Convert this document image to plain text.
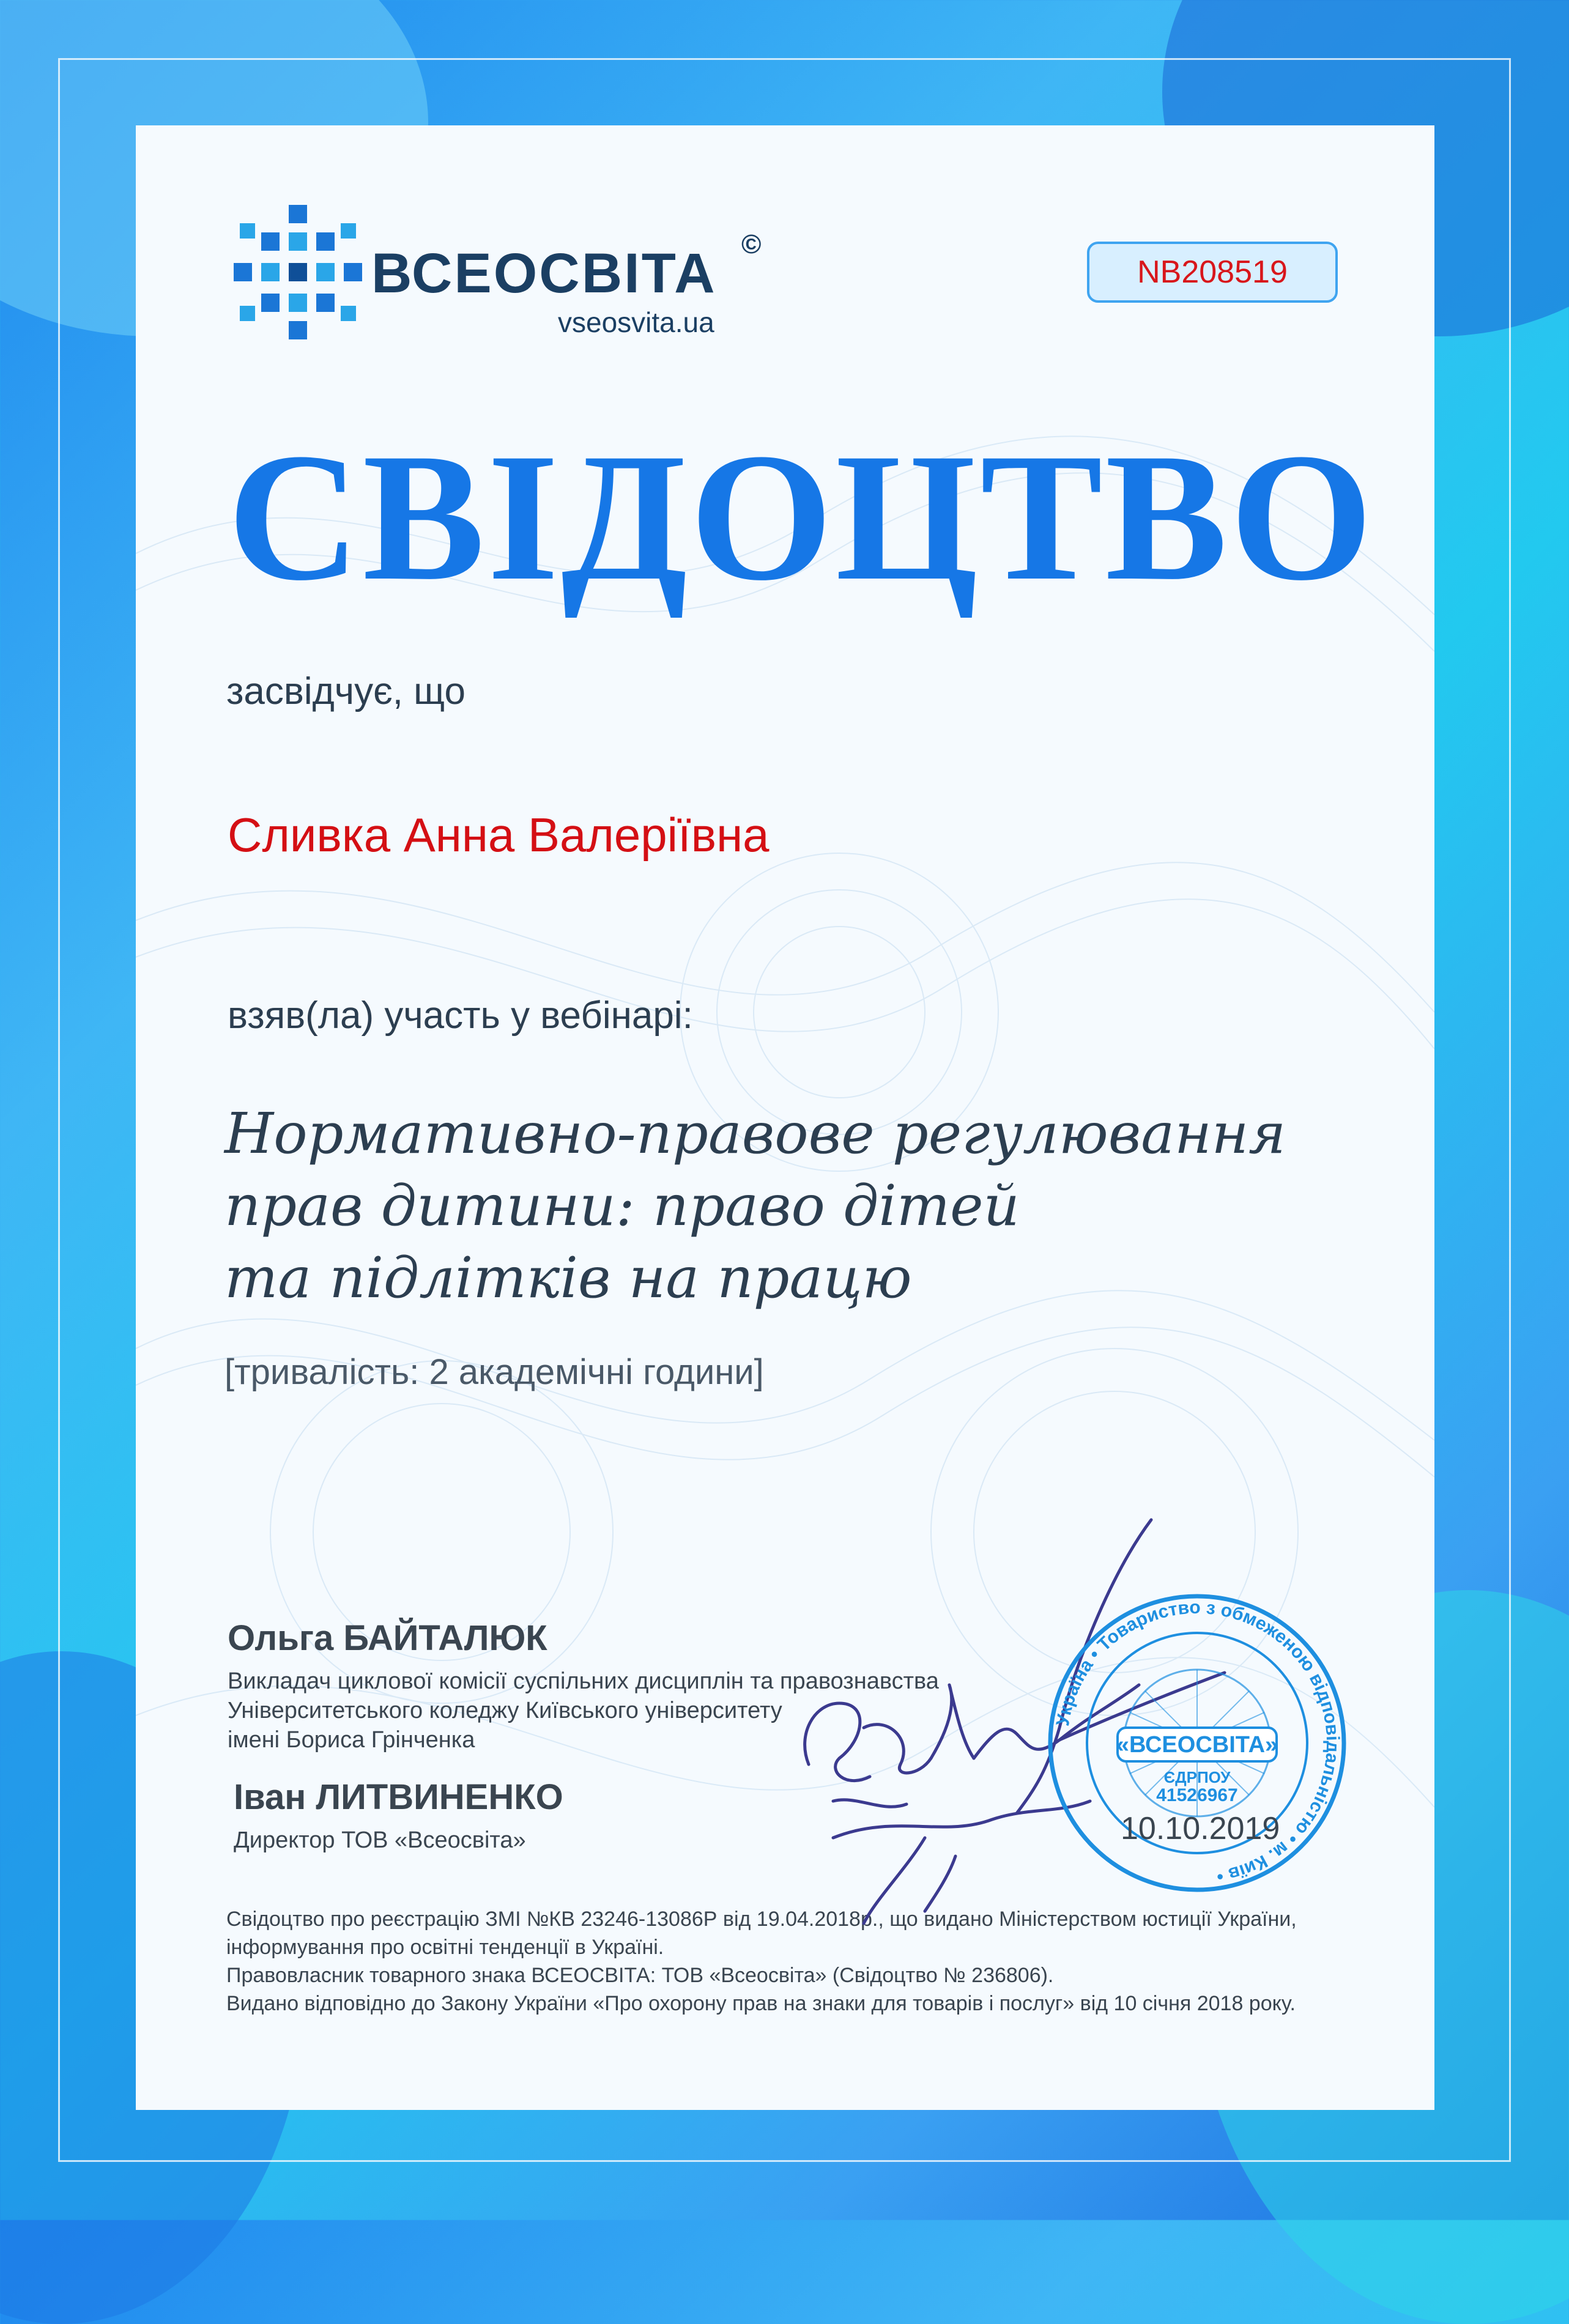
ВСЕОСВІТА ©
vseosvita.ua
NB208519
СВІДОЦТВО
засвідчує, що
Сливка Анна Валеріївна
взяв(ла) участь у вебінарі:
Нормативно-правове регулювання
прав дитини: право дітей
та підлітків на працю
[тривалість: 2 академічні години]
Ольга БАЙТАЛЮК
Викладач циклової комісії суспільних дисциплін та правознавства
Університетського коледжу Київського університету
імені Бориса Грінченка
Іван ЛИТВИНЕНКО
Директор ТОВ «Всеосвіта»
«ВСЕОСВІТА»
ЄДРПОУ
41526967
Україна • Товариство з обмеженою відповідальністю • м. Київ •
10.10.2019
Свідоцтво про реєстрацію ЗМІ №КВ 23246-13086Р від 19.04.2018р., що видано Міністерством юстиції України,
інформування про освітні тенденції в Україні.
Правовласник товарного знака ВСЕОСВІТА: ТОВ «Всеосвіта» (Свідоцтво № 236806).
Видано відповідно до Закону України «Про охорону прав на знаки для товарів і послуг» від 10 січня 2018 року.
